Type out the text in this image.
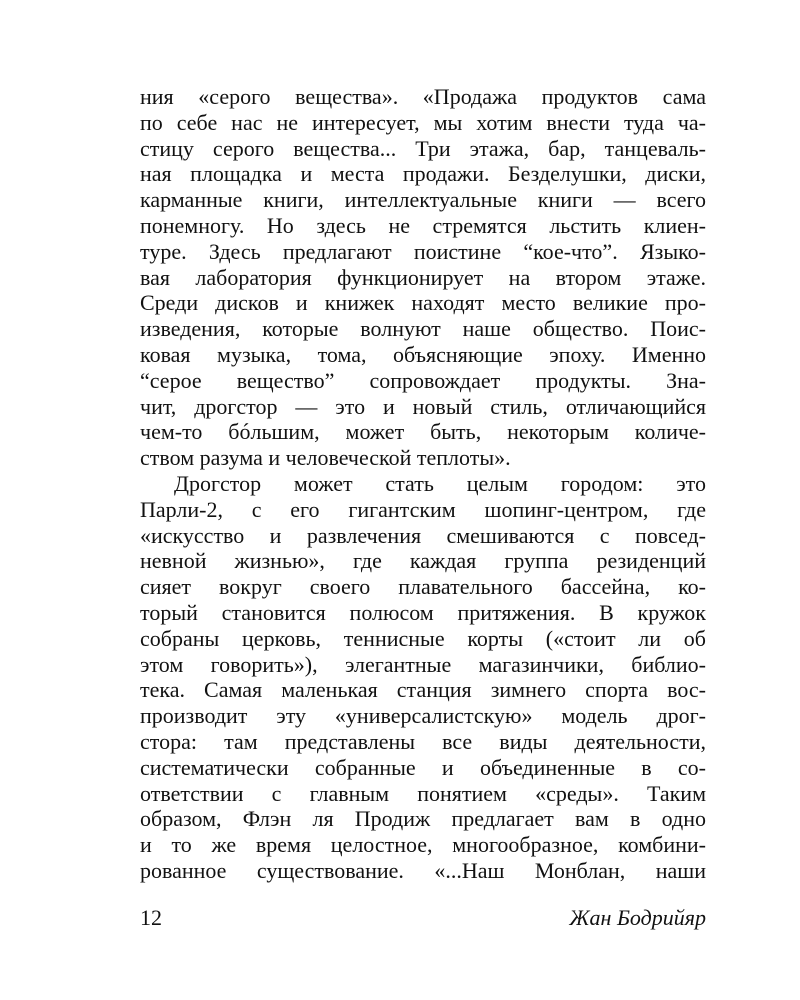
ния «серого вещества». «Продажа продуктов сама
по себе нас не интересует, мы хотим внести туда ча-
стицу серого вещества... Три этажа, бар, танцеваль-
ная площадка и места продажи. Безделушки, диски,
карманные книги, интеллектуальные книги — всего
понемногу. Но здесь не стремятся льстить клиен-
туре. Здесь предлагают поистине “кое-что”. Языко-
вая лаборатория функционирует на втором этаже.
Среди дисков и книжек находят место великие про-
изведения, которые волнуют наше общество. Поис-
ковая музыка, тома, объясняющие эпоху. Именно
“серое вещество” сопровождает продукты. Зна-
чит, дрогстор — это и новый стиль, отличающийся
чем-то бóльшим, может быть, некоторым количе-
ством разума и человеческой теплоты».
Дрогстор может стать целым городом: это
Парли-2, с его гигантским шопинг-центром, где
«искусство и развлечения смешиваются с повсед-
невной жизнью», где каждая группа резиденций
сияет вокруг своего плавательного бассейна, ко-
торый становится полюсом притяжения. В кружок
собраны церковь, теннисные корты («стоит ли об
этом говорить»), элегантные магазинчики, библио-
тека. Самая маленькая станция зимнего спорта вос-
производит эту «универсалистскую» модель дрог-
стора: там представлены все виды деятельности,
систематически собранные и объединенные в со-
ответствии с главным понятием «среды». Таким
образом, Флэн ля Продиж предлагает вам в одно
и то же время целостное, многообразное, комбини-
рованное существование. «...Наш Монблан, наши
12	Жан Бодрийяр
